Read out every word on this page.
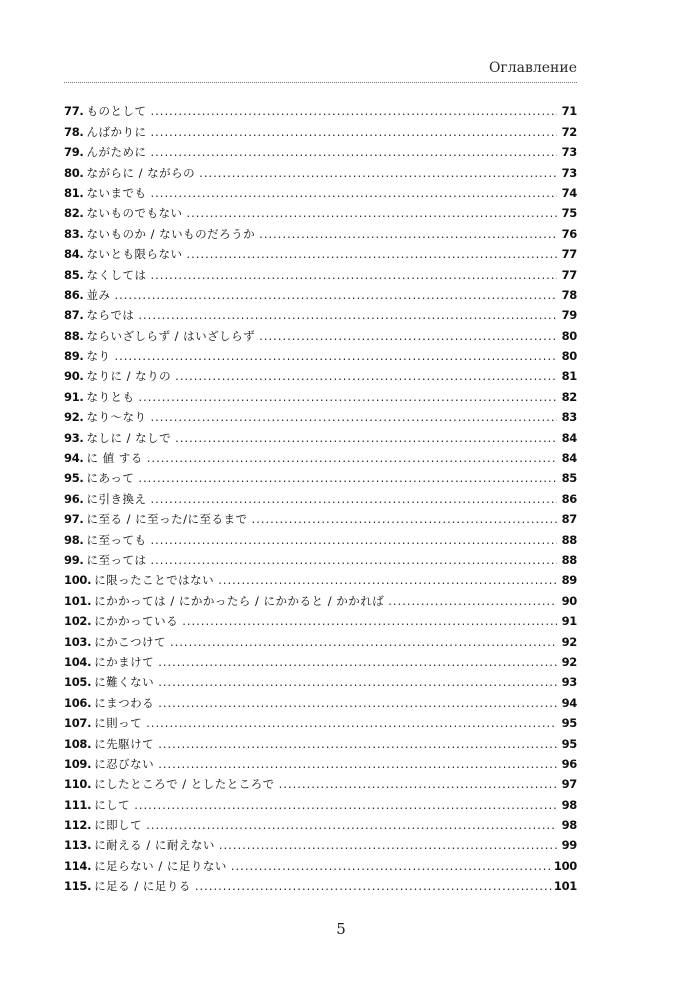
Оглавление
77. ものとして .....	71
78. んばかりに .....	72
79. んがために .....	73
80. ながらに / ながらの .....	73
81. ないまでも .....	74
82. ないものでもない .....	75
83. ないものか / ないものだろうか .....	76
84. ないとも限らない .....	77
85. なくしては .....	77
86. 並み .....	78
87. ならでは .....	79
88. ならいざしらず / はいざしらず .....	80
89. なり .....	80
90. なりに / なりの .....	81
91. なりとも .....	82
92. なり～なり .....	83
93. なしに / なしで .....	84
94. に 値 する .....	84
95. にあって .....	85
96. に引き換え .....	86
97. に至る / に至った/に至るまで .....	87
98. に至っても .....	88
99. に至っては .....	88
100. に限ったことではない .....	89
101. にかかっては / にかかったら / にかかると / かかれば .....	90
102. にかかっている .....	91
103. にかこつけて .....	92
104. にかまけて .....	92
105. に難くない .....	93
106. にまつわる .....	94
107. に則って .....	95
108. に先駆けて .....	95
109. に忍びない .....	96
110. にしたところで / としたところで .....	97
111. にして .....	98
112. に即して .....	98
113. に耐える / に耐えない .....	99
114. に足らない / に足りない .....	100
115. に足る / に足りる .....	101
5
